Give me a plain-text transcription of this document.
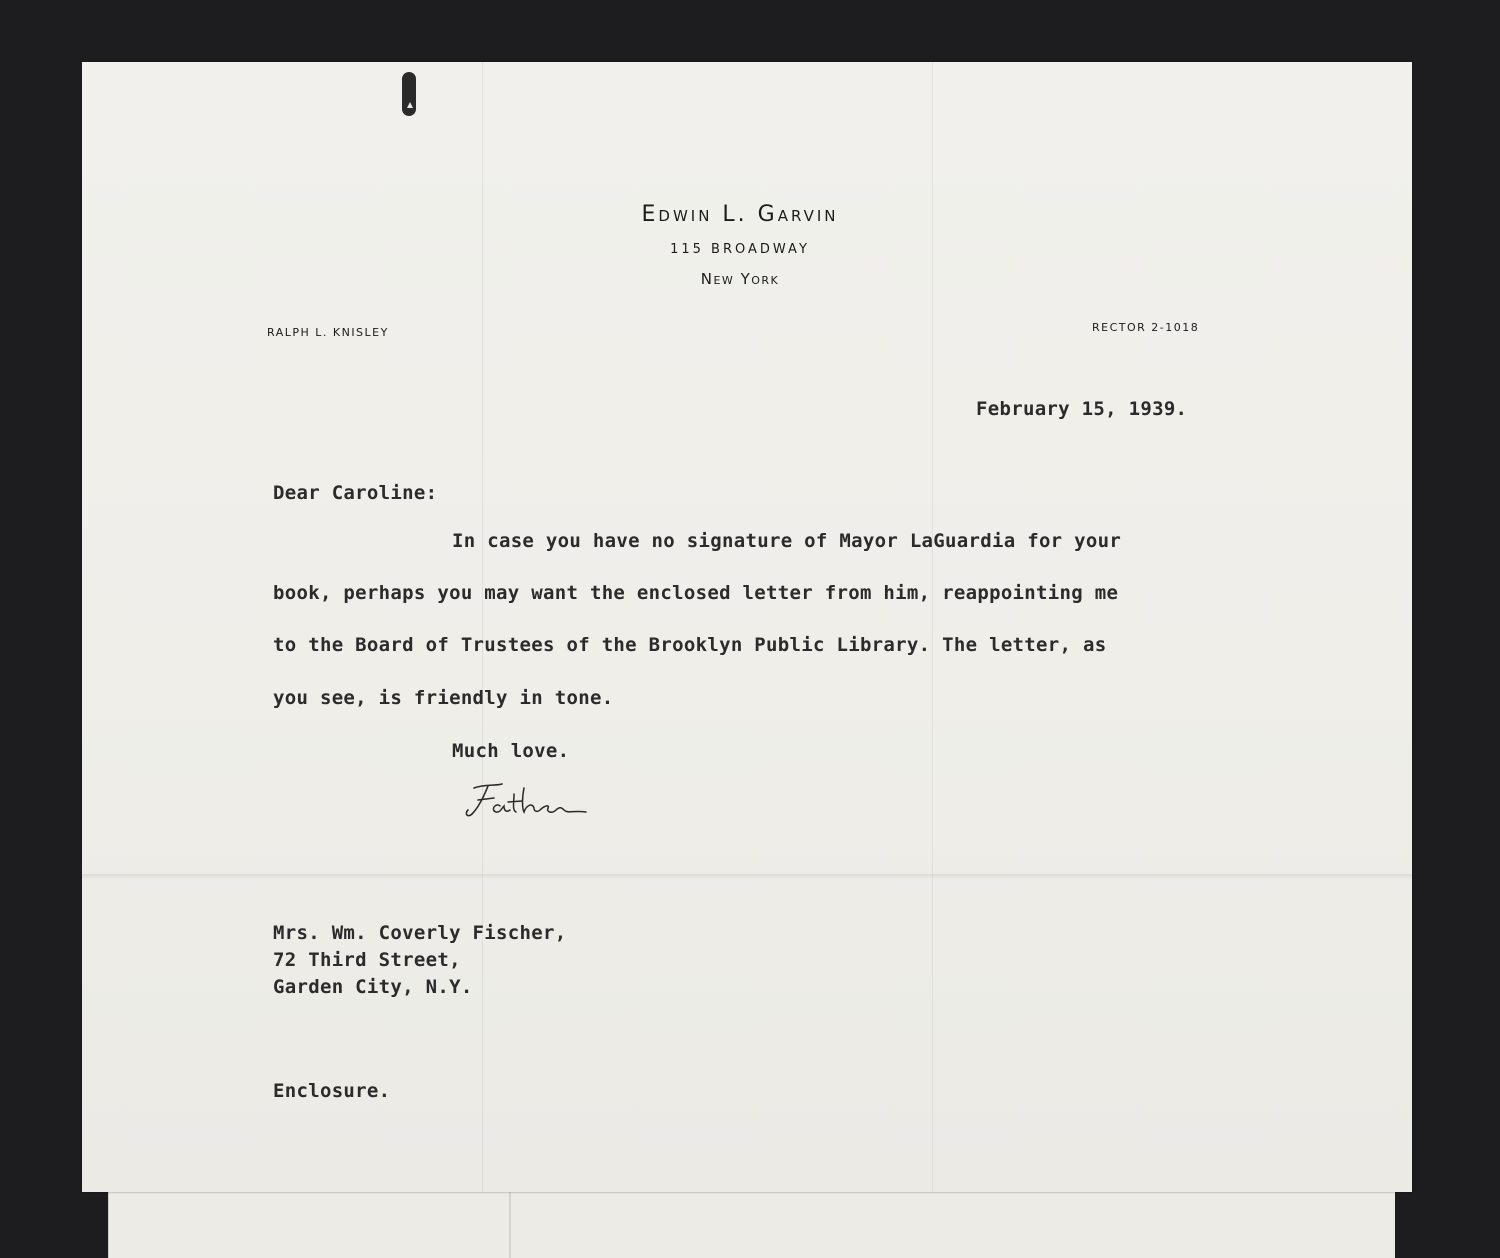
Edwin L. Garvin
115 BROADWAY
New York
RALPH L. KNISLEY	RECTOR 2-1018
February 15, 1939.
Dear Caroline:
In case you have no signature of Mayor LaGuardia for your
book, perhaps you may want the enclosed letter from him, reappointing me
to the Board of Trustees of the Brooklyn Public Library. The letter, as
you see, is friendly in tone.
Much love.
Mrs. Wm. Coverly Fischer,
72 Third Street,
Garden City, N.Y.
Enclosure.
